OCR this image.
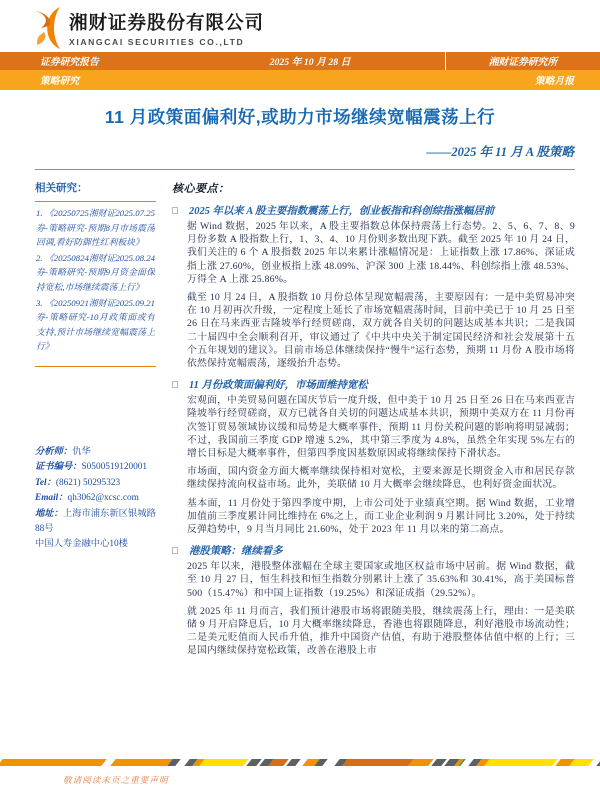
湘财证券股份有限公司
XIANGCAI SECURITIES CO.,LTD
证券研究报告	2025 年 10 月 28 日	湘财证券研究所
策略研究	策略月报
11 月政策面偏利好,或助力市场继续宽幅震荡上行
——2025 年 11 月 A 股策略
相关研究：
2025.07.25
1. 《20250725湘财证券-策略研究-预期8月市场震荡回调,看好防御性红利板块》
2025.08.24
2. 《20250824湘财证券-策略研究-预期9月资金面保持宽松,市场继续震荡上行》
2025.09.21
3. 《20250921湘财证券-策略研究-10月政策面或有支持,预计市场继续宽幅震荡上行》
分析师：仇华
证书编号：S0500519120001
Tel：(8621) 50295323
Email：qh3062@xcsc.com
地址：上海市浦东新区银城路88号
中国人寿金融中心10楼
核心要点：
□ 2025 年以来 A 股主要指数震荡上行，创业板指和科创综指涨幅居前
据 Wind 数据，2025 年以来，A 股主要指数总体保持震荡上行态势。2、5、6、7、8、9 月份多数 A 股指数上行，1、3、4、10 月份则多数出现下跌。截至 2025 年 10 月 24 日，我们关注的 6 个 A 股指数 2025 年以来累计涨幅情况是：上证指数上涨 17.86%、深证成指上涨 27.60%，创业板指上涨 48.09%、沪深 300 上涨 18.44%、科创综指上涨 48.53%、万得全 A 上涨 25.86%。
截至 10 月 24 日，A 股指数 10 月份总体呈现宽幅震荡，主要原因有：一是中美贸易冲突在 10 月初再次升级，一定程度上延长了市场宽幅震荡时间，目前中美已于 10 月 25 日至 26 日在马来西亚吉隆坡举行经贸磋商，双方就各自关切的问题达成基本共识；二是我国二十届四中全会顺利召开，审议通过了《中共中央关于制定国民经济和社会发展第十五个五年规划的建议》。目前市场总体继续保持“慢牛”运行态势，预期 11 月份 A 股市场将依然保持宽幅震荡，逐级抬升态势。
□ 11 月份政策面偏利好，市场面维持宽松
宏观面，中美贸易问题在国庆节后一度升级，但中美于 10 月 25 日至 26 日在马来西亚吉隆坡举行经贸磋商，双方已就各自关切的问题达成基本共识，预期中美双方在 11 月份再次签订贸易领域协议缓和局势是大概率事件，预期 11 月份关税问题的影响将明显减弱；不过，我国前三季度 GDP 增速 5.2%，其中第三季度为 4.8%，虽然全年实现 5%左右的增长目标是大概率事件，但第四季度因基数原因或将继续保持下滑状态。
市场面，国内资金方面大概率继续保持相对宽松，主要来源是长期资金入市和居民存款继续保持流向权益市场。此外，美联储 10 月大概率会继续降息，也利好资金面状况。
基本面，11 月份处于第四季度中期，上市公司处于业绩真空期。据 Wind 数据，工业增加值前三季度累计同比维持在 6%之上，而工业企业利润 9 月累计同比 3.20%，处于持续反弹趋势中，9 月当月同比 21.60%，处于 2023 年 11 月以来的第二高点。
□ 港股策略：继续看多
2025 年以来，港股整体涨幅在全球主要国家或地区权益市场中居前。据 Wind 数据，截至 10 月 27 日，恒生科技和恒生指数分别累计上涨了 35.63%和 30.41%，高于美国标普 500（15.47%）和中国上证指数（19.25%）和深证成指（29.52%）。
就 2025 年 11 月而言，我们预计港股市场将跟随美股，继续震荡上行，理由：一是美联储 9 月开启降息后，10 月大概率继续降息，香港也将跟随降息，利好港股市场流动性；二是美元贬值而人民币升值，推升中国资产估值，有助于港股整体估值中枢的上行；三是国内继续保持宽松政策，改善在港股上市
敬请阅读末页之重要声明
